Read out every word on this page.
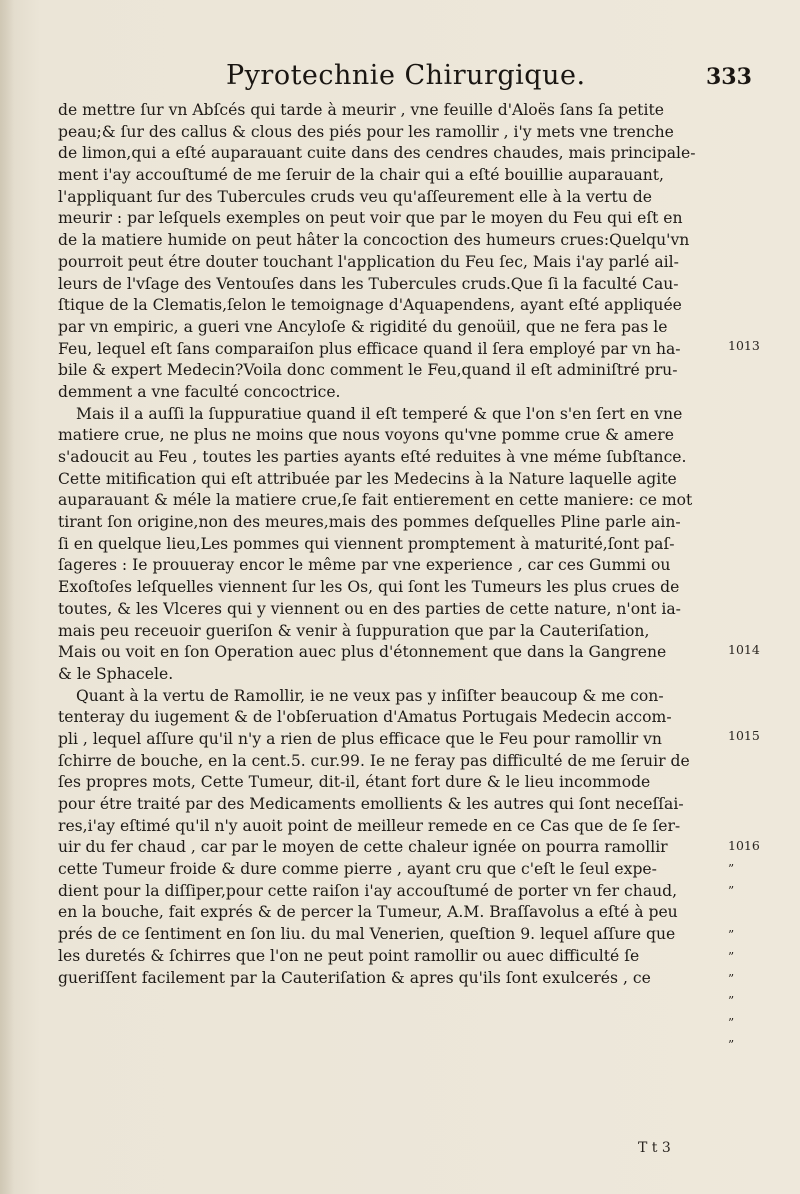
Pyrotechnie Chirurgique.	333
de mettre ſur vn Abſcés qui tarde à meurir , vne feuille d'Aloës ſans ſa petite
peau;& ſur des callus & clous des piés pour les ramollir , i'y mets vne trenche
de limon,qui a eſté auparauant cuite dans des cendres chaudes, mais principale-
ment i'ay accouſtumé de me ſeruir de la chair qui a eſté bouillie auparauant,
l'appliquant ſur des Tubercules cruds veu qu'aſſeurement elle à la vertu de
meurir : par leſquels exemples on peut voir que par le moyen du Feu qui eſt en
de la matiere humide on peut hâter la concoction des humeurs crues:Quelqu'vn
pourroit peut étre douter touchant l'application du Feu ſec, Mais i'ay parlé ail-
leurs de l'vſage des Ventouſes dans les Tubercules cruds.Que ſi la faculté Cau-
ſtique de la Clematis,ſelon le temoignage d'Aquapendens, ayant eſté appliquée
par vn empiric, a gueri vne Ancyloſe & rigidité du genoüil, que ne fera pas le
Feu, lequel eſt ſans comparaiſon plus efficace quand il ſera employé par vn ha-
bile & expert Medecin?Voila donc comment le Feu,quand il eſt adminiſtré pru-
demment a vne faculté concoctrice.
Mais il a auſſi la ſuppuratiue quand il eſt temperé & que l'on s'en ſert en vne
matiere crue, ne plus ne moins que nous voyons qu'vne pomme crue & amere
s'adoucit au Feu , toutes les parties ayants eſté reduites à vne méme ſubſtance.
Cette mitification qui eſt attribuée par les Medecins à la Nature laquelle agite
auparauant & méle la matiere crue,ſe fait entierement en cette maniere: ce mot
tirant ſon origine,non des meures,mais des pommes deſquelles Pline parle ain-
ſi en quelque lieu,Les pommes qui viennent promptement à maturité,ſont paſ-
ſageres : Ie prouueray encor le même par vne experience , car ces Gummi ou
Exoſtoſes leſquelles viennent ſur les Os, qui ſont les Tumeurs les plus crues de
toutes, & les Vlceres qui y viennent ou en des parties de cette nature, n'ont ia-
mais peu receuoir gueriſon & venir à ſuppuration que par la Cauteriſation,
Mais ou voit en ſon Operation auec plus d'étonnement que dans la Gangrene
& le Sphacele.
Quant à la vertu de Ramollir, ie ne veux pas y inſiſter beaucoup & me con-
tenteray du iugement & de l'obſeruation d'Amatus Portugais Medecin accom-
pli , lequel aſſure qu'il n'y a rien de plus efficace que le Feu pour ramollir vn
ſchirre de bouche, en la cent.5. cur.99. Ie ne feray pas difficulté de me ſeruir de
ſes propres mots, Cette Tumeur, dit-il, étant fort dure & le lieu incommode
pour étre traité par des Medicaments emollients & les autres qui ſont neceſſai-
res,i'ay eſtimé qu'il n'y auoit point de meilleur remede en ce Cas que de ſe ſer-
uir du fer chaud , car par le moyen de cette chaleur ignée on pourra ramollir
cette Tumeur froide & dure comme pierre , ayant cru que c'eſt le ſeul expe-
dient pour la diſſiper,pour cette raiſon i'ay accouſtumé de porter vn fer chaud,
en la bouche, fait exprés & de percer la Tumeur, A.M. Braſſavolus a eſté à peu
prés de ce ſentiment en ſon liu. du mal Venerien, queſtion 9. lequel aſſure que
les duretés & ſchirres que l'on ne peut point ramollir ou auec difficulté ſe
gueriſſent facilement par la Cauteriſation & apres qu'ils ſont exulcerés , ce
1013
1014
1015
1016
”
”
”
”
”
”
”
”
T t 3
